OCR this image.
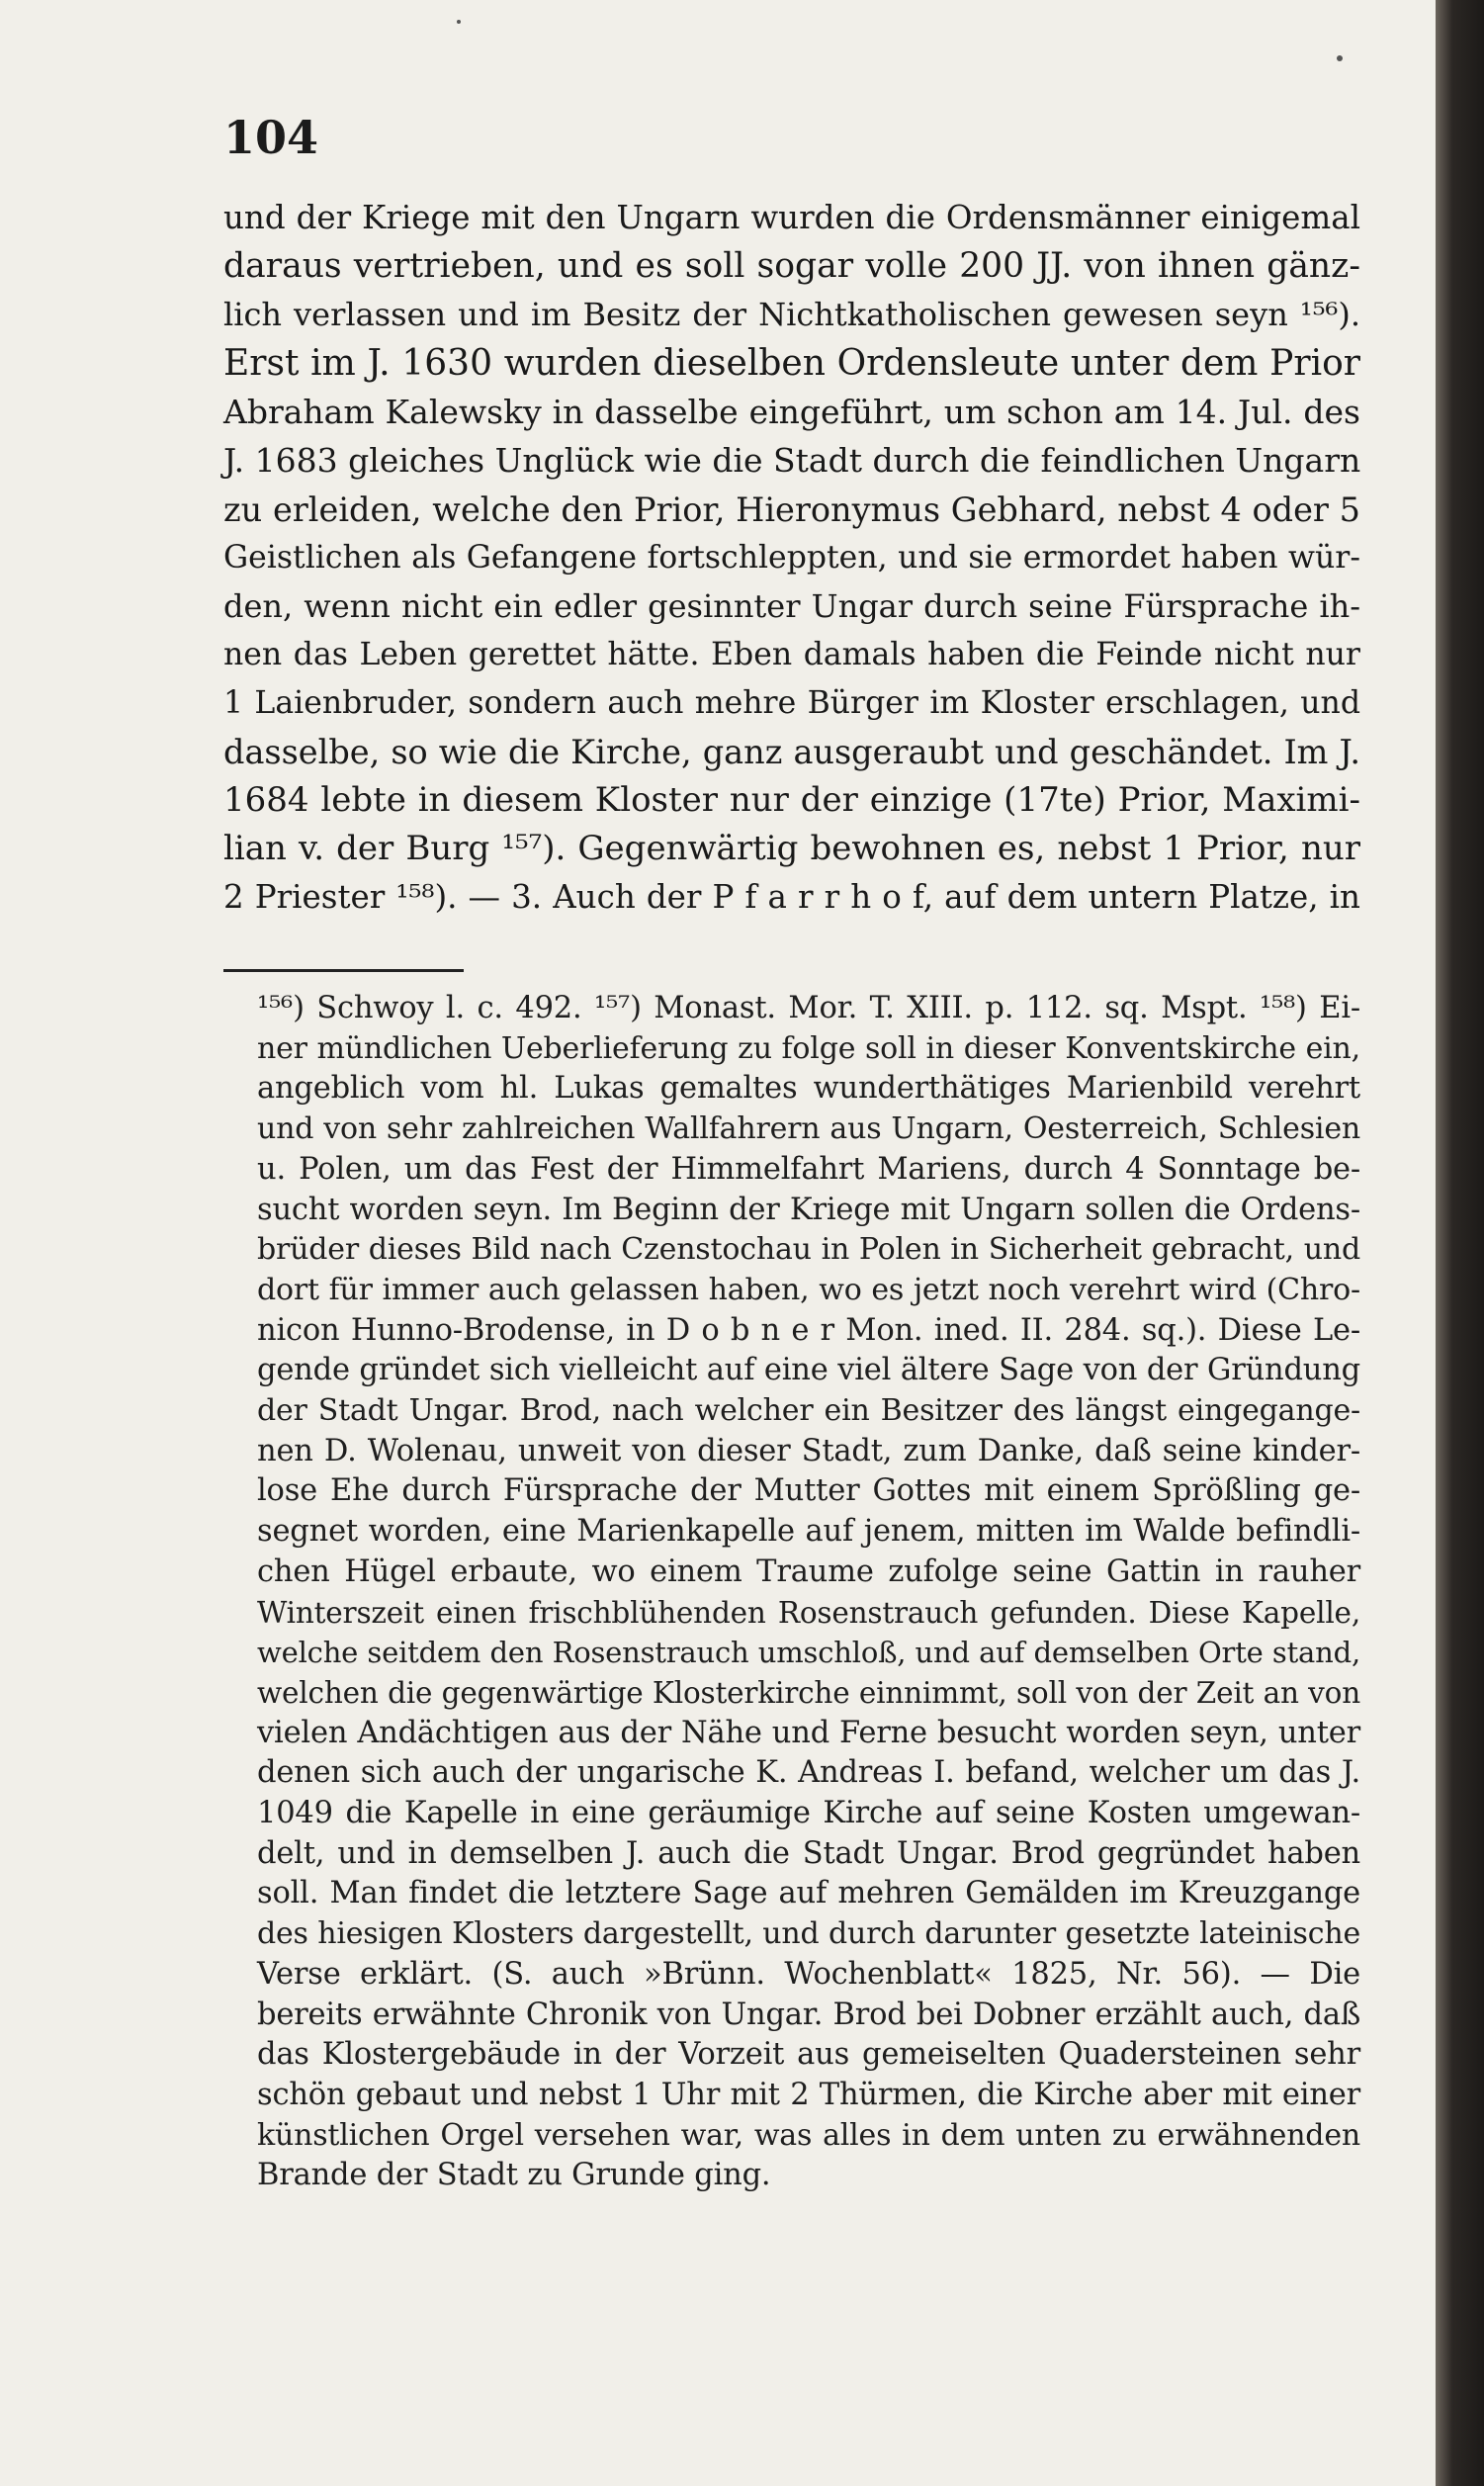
104
und der Kriege mit den Ungarn wurden die Ordensmänner einigemal
daraus vertrieben, und es soll sogar volle 200 JJ. von ihnen gänz-
lich verlassen und im Besitz der Nichtkatholischen gewesen seyn ¹⁵⁶).
Erst im J. 1630 wurden dieselben Ordensleute unter dem Prior
Abraham Kalewsky in dasselbe eingeführt, um schon am 14. Jul. des
J. 1683 gleiches Unglück wie die Stadt durch die feindlichen Ungarn
zu erleiden, welche den Prior, Hieronymus Gebhard, nebst 4 oder 5
Geistlichen als Gefangene fortschleppten, und sie ermordet haben wür-
den, wenn nicht ein edler gesinnter Ungar durch seine Fürsprache ih-
nen das Leben gerettet hätte. Eben damals haben die Feinde nicht nur
1 Laienbruder, sondern auch mehre Bürger im Kloster erschlagen, und
dasselbe, so wie die Kirche, ganz ausgeraubt und geschändet. Im J.
1684 lebte in diesem Kloster nur der einzige (17te) Prior, Maximi-
lian v. der Burg ¹⁵⁷). Gegenwärtig bewohnen es, nebst 1 Prior, nur
2 Priester ¹⁵⁸). — 3. Auch der P f a r r h o f, auf dem untern Platze, in
¹⁵⁶) Schwoy l. c. 492. ¹⁵⁷) Monast. Mor. T. XIII. p. 112. sq. Mspt. ¹⁵⁸) Ei-
ner mündlichen Ueberlieferung zu folge soll in dieser Konventskirche ein,
angeblich vom hl. Lukas gemaltes wunderthätiges Marienbild verehrt
und von sehr zahlreichen Wallfahrern aus Ungarn, Oesterreich, Schlesien
u. Polen, um das Fest der Himmelfahrt Mariens, durch 4 Sonntage be-
sucht worden seyn. Im Beginn der Kriege mit Ungarn sollen die Ordens-
brüder dieses Bild nach Czenstochau in Polen in Sicherheit gebracht, und
dort für immer auch gelassen haben, wo es jetzt noch verehrt wird (Chro-
nicon Hunno-Brodense, in D o b n e r Mon. ined. II. 284. sq.). Diese Le-
gende gründet sich vielleicht auf eine viel ältere Sage von der Gründung
der Stadt Ungar. Brod, nach welcher ein Besitzer des längst eingegange-
nen D. Wolenau, unweit von dieser Stadt, zum Danke, daß seine kinder-
lose Ehe durch Fürsprache der Mutter Gottes mit einem Sprößling ge-
segnet worden, eine Marienkapelle auf jenem, mitten im Walde befindli-
chen Hügel erbaute, wo einem Traume zufolge seine Gattin in rauher
Winterszeit einen frischblühenden Rosenstrauch gefunden. Diese Kapelle,
welche seitdem den Rosenstrauch umschloß, und auf demselben Orte stand,
welchen die gegenwärtige Klosterkirche einnimmt, soll von der Zeit an von
vielen Andächtigen aus der Nähe und Ferne besucht worden seyn, unter
denen sich auch der ungarische K. Andreas I. befand, welcher um das J.
1049 die Kapelle in eine geräumige Kirche auf seine Kosten umgewan-
delt, und in demselben J. auch die Stadt Ungar. Brod gegründet haben
soll. Man findet die letztere Sage auf mehren Gemälden im Kreuzgange
des hiesigen Klosters dargestellt, und durch darunter gesetzte lateinische
Verse erklärt. (S. auch »Brünn. Wochenblatt« 1825, Nr. 56). — Die
bereits erwähnte Chronik von Ungar. Brod bei Dobner erzählt auch, daß
das Klostergebäude in der Vorzeit aus gemeiselten Quadersteinen sehr
schön gebaut und nebst 1 Uhr mit 2 Thürmen, die Kirche aber mit einer
künstlichen Orgel versehen war, was alles in dem unten zu erwähnenden
Brande der Stadt zu Grunde ging.
